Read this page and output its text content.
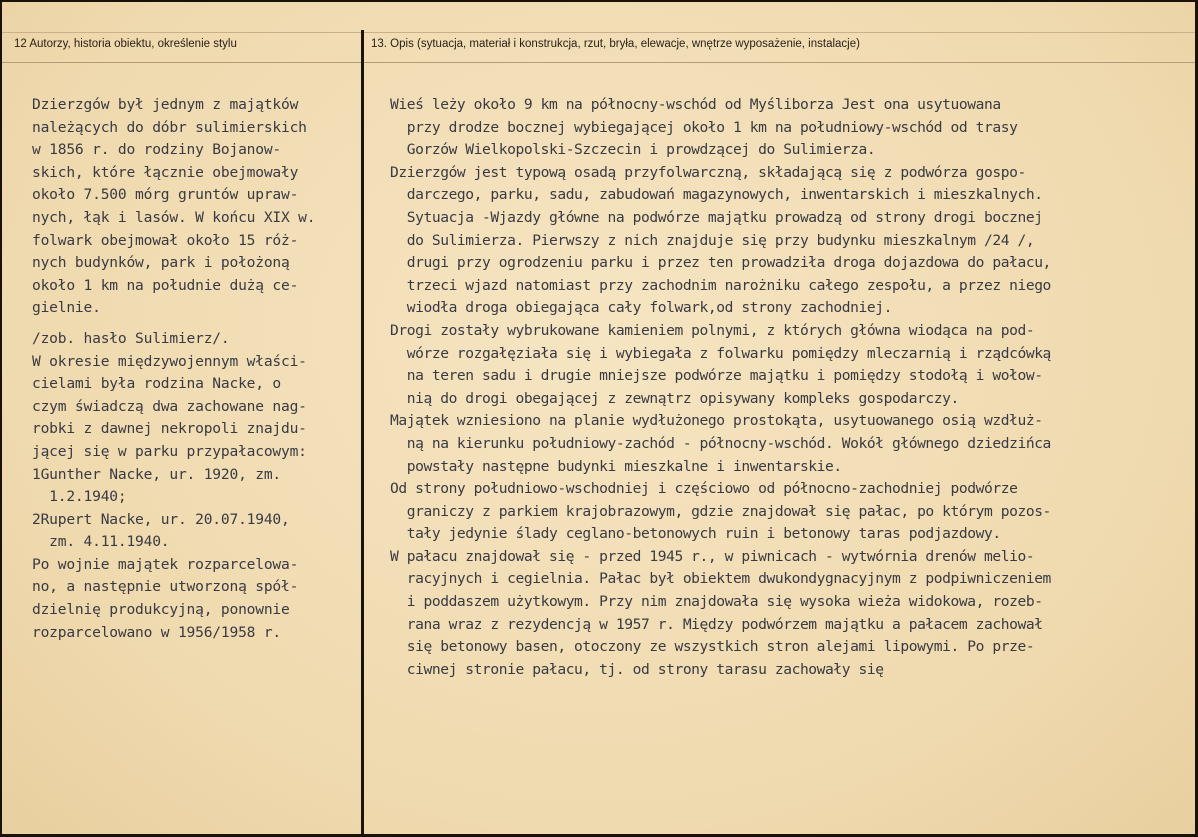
12 Autorzy, historia obiektu, określenie stylu	13. Opis (sytuacja, materiał i konstrukcja, rzut, bryła, elewacje, wnętrze wyposażenie, instalacje)
Dzierzgów był jednym z majątków
należących do dóbr sulimierskich
w 1856 r. do rodziny Bojanow-
skich, które łącznie obejmowały
około 7.500 mórg gruntów upraw-
nych, łąk i lasów. W końcu XIX w.
folwark obejmował około 15 róż-
nych budynków, park i położoną
około 1 km na południe dużą ce-
gielnie.
/zob. hasło Sulimierz/.
W okresie międzywojennym właści-
cielami była rodzina Nacke, o
czym świadczą dwa zachowane nag-
robki z dawnej nekropoli znajdu-
jącej się w parku przypałacowym:
1Gunther Nacke, ur. 1920, zm.
1.2.1940;
2Rupert Nacke, ur. 20.07.1940,
zm. 4.11.1940.
Po wojnie majątek rozparcelowa-
no, a następnie utworzoną spół-
dzielnię produkcyjną, ponownie
rozparcelowano w 1956/1958 r.
Wieś leży około 9 km na północny-wschód od Myśliborza Jest ona usytuowana
przy drodze bocznej wybiegającej około 1 km na południowy-wschód od trasy
Gorzów Wielkopolski-Szczecin i prowdzącej do Sulimierza.
Dzierzgów jest typową osadą przyfolwarczną, składającą się z podwórza gospo-
darczego, parku, sadu, zabudowań magazynowych, inwentarskich i mieszkalnych.
Sytuacja -Wjazdy główne na podwórze majątku prowadzą od strony drogi bocznej
do Sulimierza. Pierwszy z nich znajduje się przy budynku mieszkalnym /24 /,
drugi przy ogrodzeniu parku i przez ten prowadziła droga dojazdowa do pałacu,
trzeci wjazd natomiast przy zachodnim narożniku całego zespołu, a przez niego
wiodła droga obiegająca cały folwark,od strony zachodniej.
Drogi zostały wybrukowane kamieniem polnymi, z których główna wiodąca na pod-
wórze rozgałęziała się i wybiegała z folwarku pomiędzy mleczarnią i rządcówką
na teren sadu i drugie mniejsze podwórze majątku i pomiędzy stodołą i wołow-
nią do drogi obegającej z zewnątrz opisywany kompleks gospodarczy.
Majątek wzniesiono na planie wydłużonego prostokąta, usytuowanego osią wzdłuż-
ną na kierunku południowy-zachód - północny-wschód. Wokół głównego dziedzińca
powstały następne budynki mieszkalne i inwentarskie.
Od strony południowo-wschodniej i częściowo od północno-zachodniej podwórze
graniczy z parkiem krajobrazowym, gdzie znajdował się pałac, po którym pozos-
tały jedynie ślady ceglano-betonowych ruin i betonowy taras podjazdowy.
W pałacu znajdował się - przed 1945 r., w piwnicach - wytwórnia drenów melio-
racyjnych i cegielnia. Pałac był obiektem dwukondygnacyjnym z podpiwniczeniem
i poddaszem użytkowym. Przy nim znajdowała się wysoka wieża widokowa, rozeb-
rana wraz z rezydencją w 1957 r. Między podwórzem majątku a pałacem zachował
się betonowy basen, otoczony ze wszystkich stron alejami lipowymi. Po prze-
ciwnej stronie pałacu, tj. od strony tarasu zachowały się
